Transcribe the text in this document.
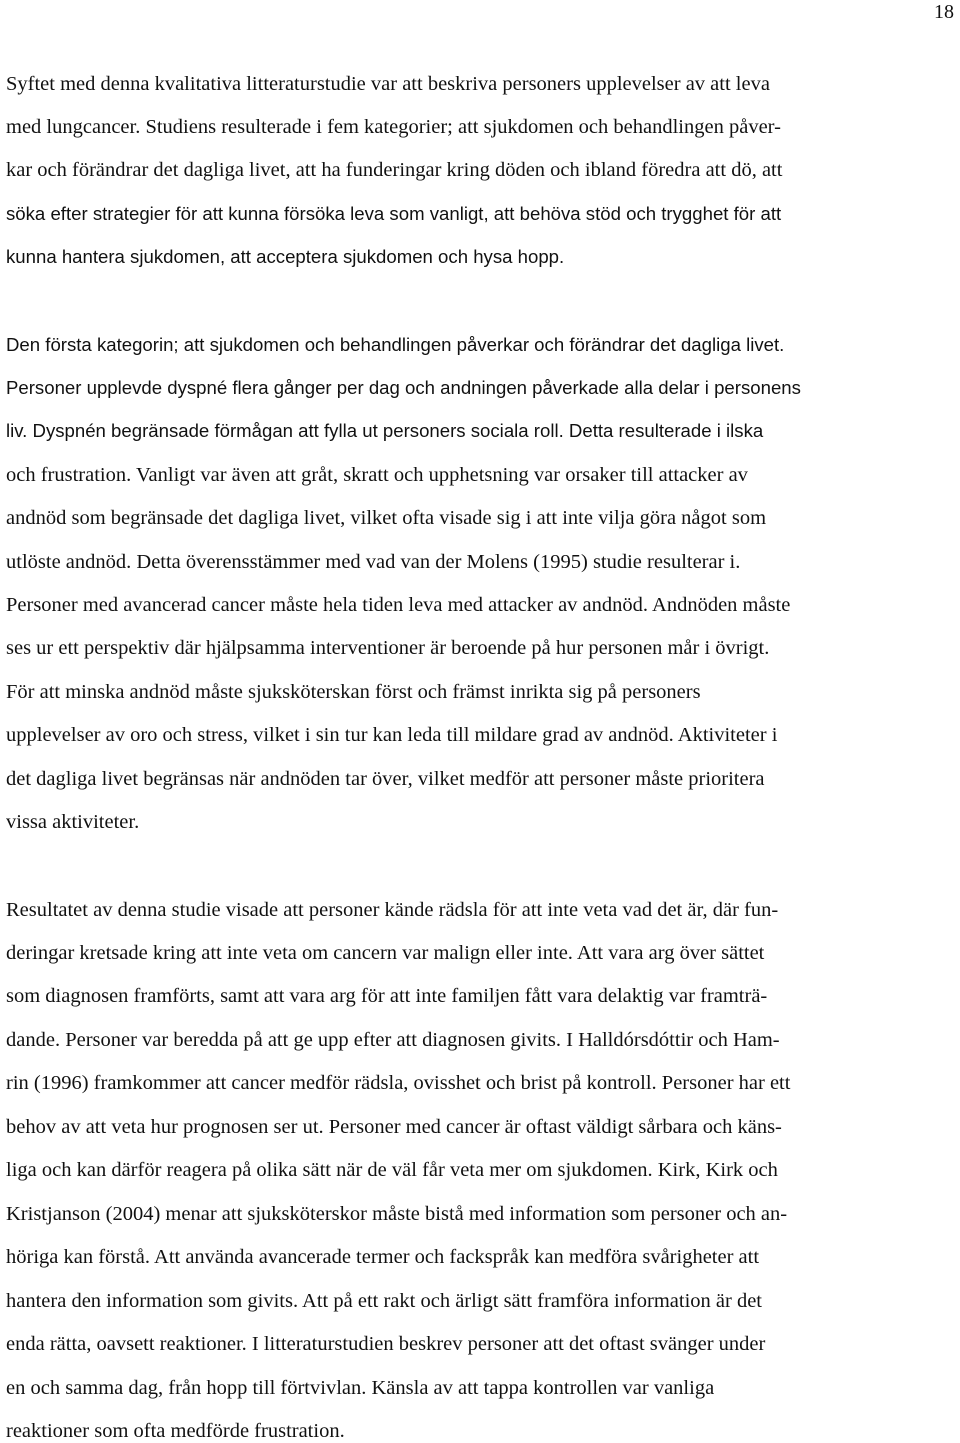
18
Syftet med denna kvalitativa litteraturstudie var att beskriva personers upplevelser av att leva
med lungcancer. Studiens resulterade i fem kategorier; att sjukdomen och behandlingen påver-
kar och förändrar det dagliga livet, att ha funderingar kring döden och ibland föredra att dö, att
söka efter strategier för att kunna försöka leva som vanligt, att behöva stöd och trygghet för att
kunna hantera sjukdomen, att acceptera sjukdomen och hysa hopp.
Den första kategorin; att sjukdomen och behandlingen påverkar och förändrar det dagliga livet.
Personer upplevde dyspné flera gånger per dag och andningen påverkade alla delar i personens
liv. Dyspnén begränsade förmågan att fylla ut personers sociala roll. Detta resulterade i ilska
och frustration. Vanligt var även att gråt, skratt och upphetsning var orsaker till attacker av
andnöd som begränsade det dagliga livet, vilket ofta visade sig i att inte vilja göra något som
utlöste andnöd. Detta överensstämmer med vad van der Molens (1995) studie resulterar i.
Personer med avancerad cancer måste hela tiden leva med attacker av andnöd. Andnöden måste
ses ur ett perspektiv där hjälpsamma interventioner är beroende på hur personen mår i övrigt.
För att minska andnöd måste sjuksköterskan först och främst inrikta sig på personers
upplevelser av oro och stress, vilket i sin tur kan leda till mildare grad av andnöd. Aktiviteter i
det dagliga livet begränsas när andnöden tar över, vilket medför att personer måste prioritera
vissa aktiviteter.
Resultatet av denna studie visade att personer kände rädsla för att inte veta vad det är, där fun-
deringar kretsade kring att inte veta om cancern var malign eller inte. Att vara arg över sättet
som diagnosen framförts, samt att vara arg för att inte familjen fått vara delaktig var framträ-
dande. Personer var beredda på att ge upp efter att diagnosen givits. I Halldórsdóttir och Ham-
rin (1996) framkommer att cancer medför rädsla, ovisshet och brist på kontroll. Personer har ett
behov av att veta hur prognosen ser ut. Personer med cancer är oftast väldigt sårbara och käns-
liga och kan därför reagera på olika sätt när de väl får veta mer om sjukdomen. Kirk, Kirk och
Kristjanson (2004) menar att sjuksköterskor måste bistå med information som personer och an-
höriga kan förstå. Att använda avancerade termer och fackspråk kan medföra svårigheter att
hantera den information som givits. Att på ett rakt och ärligt sätt framföra information är det
enda rätta, oavsett reaktioner. I litteraturstudien beskrev personer att det oftast svänger under
en och samma dag, från hopp till förtvivlan. Känsla av att tappa kontrollen var vanliga
reaktioner som ofta medförde frustration.
